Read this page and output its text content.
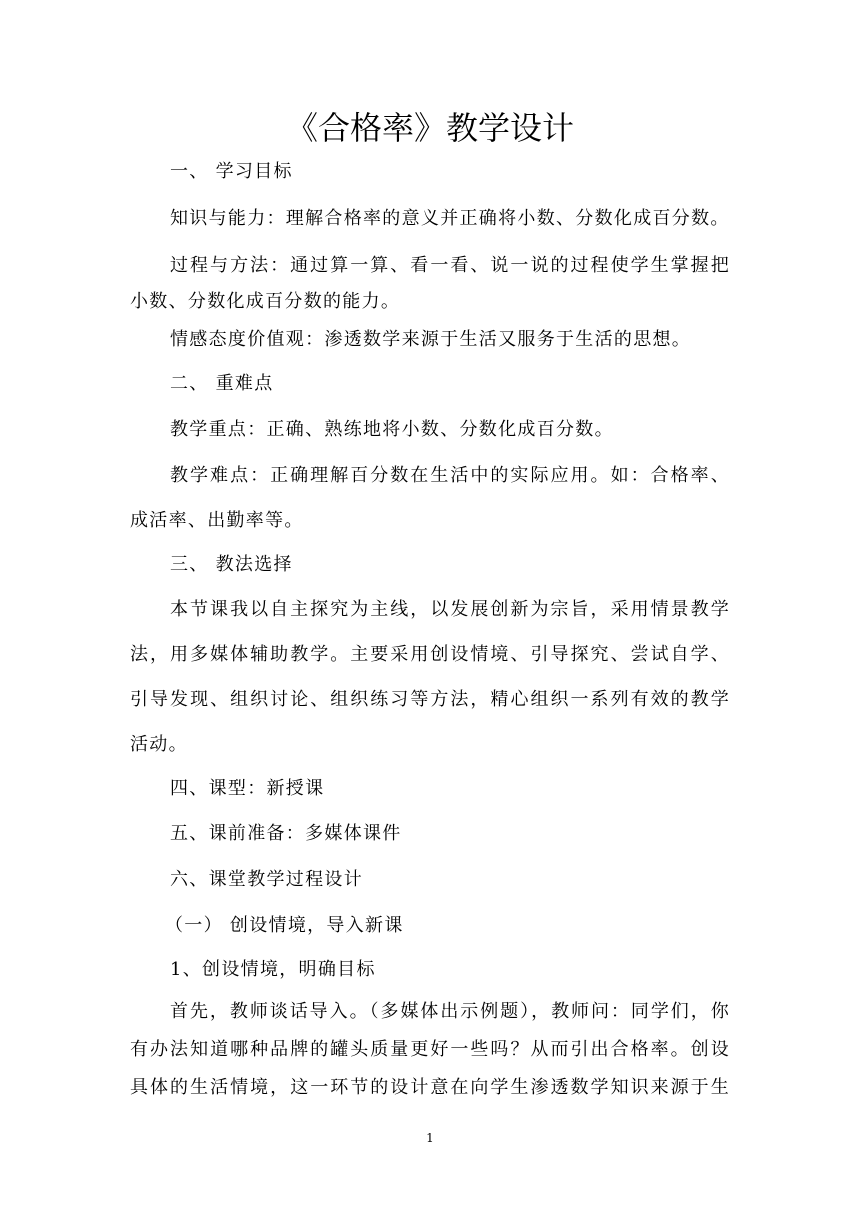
《合格率》教学设计
一、 学习目标
知识与能力：理解合格率的意义并正确将小数、分数化成百分数。
过程与方法：通过算一算、看一看、说一说的过程使学生掌握把
小数、分数化成百分数的能力。
情感态度价值观：渗透数学来源于生活又服务于生活的思想。
二、 重难点
教学重点：正确、熟练地将小数、分数化成百分数。
教学难点：正确理解百分数在生活中的实际应用。如：合格率、
成活率、出勤率等。
三、 教法选择
本节课我以自主探究为主线，以发展创新为宗旨，采用情景教学
法，用多媒体辅助教学。主要采用创设情境、引导探究、尝试自学、
引导发现、组织讨论、组织练习等方法，精心组织一系列有效的教学
活动。
四、课型：新授课
五、课前准备：多媒体课件
六、课堂教学过程设计
（一） 创设情境，导入新课
1、创设情境，明确目标
首先，教师谈话导入。（多媒体出示例题），教师问：同学们，你
有办法知道哪种品牌的罐头质量更好一些吗？从而引出合格率。创设
具体的生活情境，这一环节的设计意在向学生渗透数学知识来源于生
1
